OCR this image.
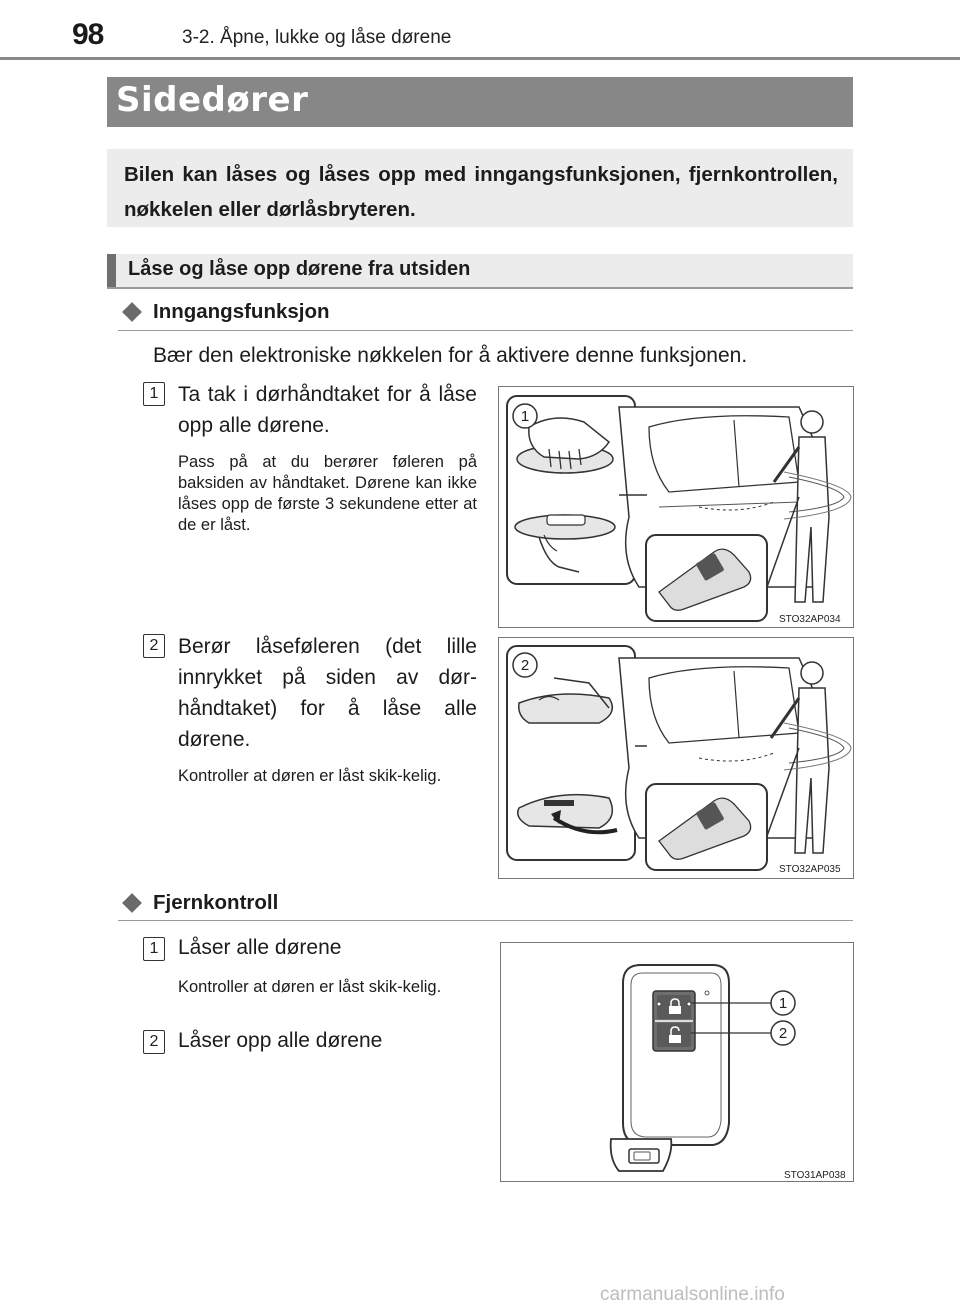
98	3-2. Åpne, lukke og låse dørene
Sidedører
Bilen kan låses og låses opp med inngangsfunksjonen, fjernkontrollen, nøkkelen eller dørlåsbryteren.
Låse og låse opp dørene fra utsiden
Inngangsfunksjon
Bær den elektroniske nøkkelen for å aktivere denne funksjonen.
1 Ta tak i dørhåndtaket for å låse opp alle dørene.
Pass på at du berører føleren på baksiden av håndtaket. Dørene kan ikke låses opp de første 3 sekundene etter at de er låst.
1
STO32AP034
2 Berør låseføleren (det lille innrykket på siden av dør-håndtaket) for å låse alle dørene.
Kontroller at døren er låst skik-kelig.
2
STO32AP035
Fjernkontroll
1 Låser alle dørene
Kontroller at døren er låst skik-kelig.
2 Låser opp alle dørene
1
2
STO31AP038
carmanualsonline.info
